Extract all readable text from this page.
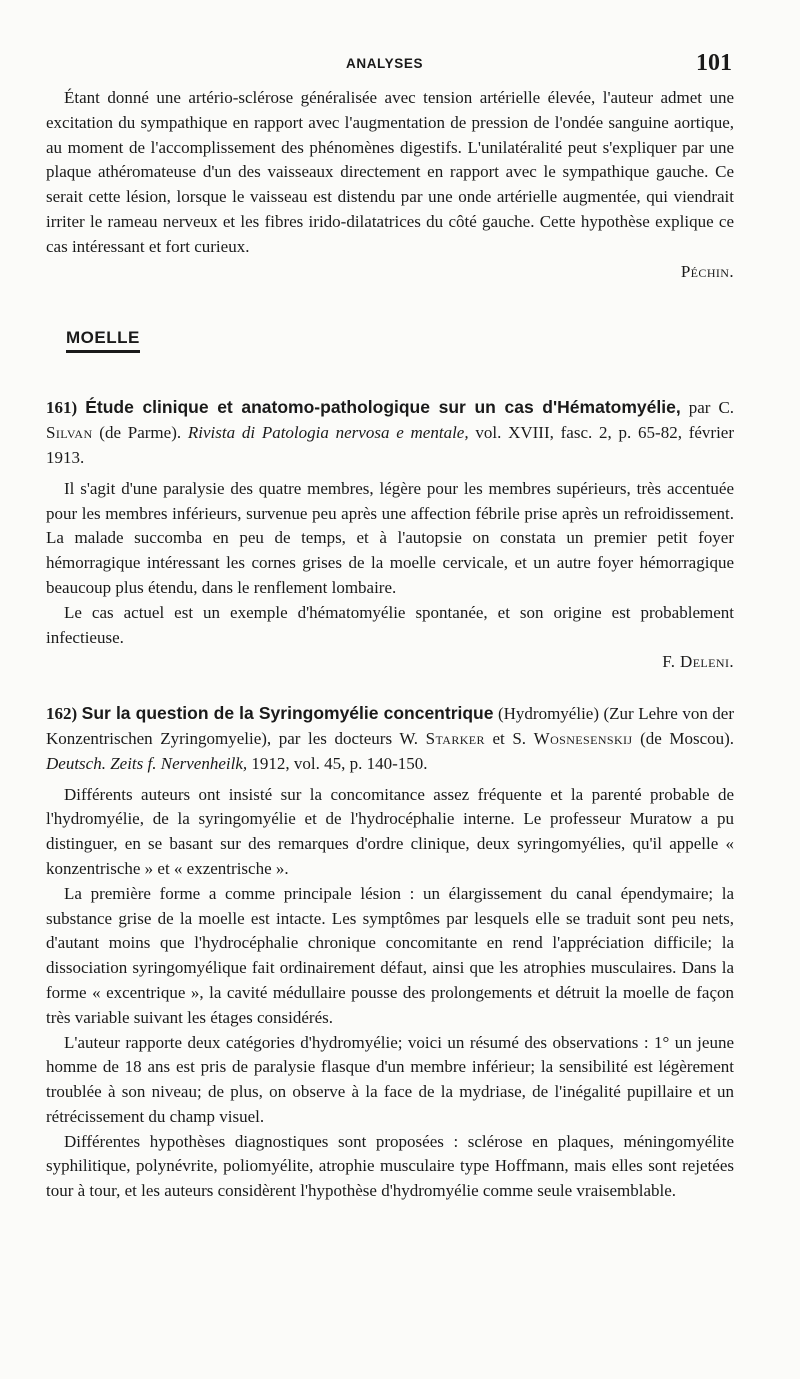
ANALYSES	101

Étant donné une artério-sclérose généralisée avec tension artérielle élevée, l'auteur admet une excitation du sympathique en rapport avec l'augmentation de pression de l'ondée sanguine aortique, au moment de l'accomplissement des phénomènes digestifs. L'unilatéralité peut s'expliquer par une plaque athéromateuse d'un des vaisseaux directement en rapport avec le sympathique gauche. Ce serait cette lésion, lorsque le vaisseau est distendu par une onde artérielle augmentée, qui viendrait irriter le rameau nerveux et les fibres irido-dilatatrices du côté gauche. Cette hypothèse explique ce cas intéressant et fort curieux.

Péchin.

MOELLE
161) Étude clinique et anatomo-pathologique sur un cas d'Hématomyélie, par C. Silvan (de Parme). Rivista di Patologia nervosa e mentale, vol. XVIII, fasc. 2, p. 65-82, février 1913.

Il s'agit d'une paralysie des quatre membres, légère pour les membres supérieurs, très accentuée pour les membres inférieurs, survenue peu après une affection fébrile prise après un refroidissement. La malade succomba en peu de temps, et à l'autopsie on constata un premier petit foyer hémorragique intéressant les cornes grises de la moelle cervicale, et un autre foyer hémorragique beaucoup plus étendu, dans le renflement lombaire.

Le cas actuel est un exemple d'hématomyélie spontanée, et son origine est probablement infectieuse.

F. Deleni.

162) Sur la question de la Syringomyélie concentrique (Hydromyélie) (Zur Lehre von der Konzentrischen Zyringomyelie), par les docteurs W. Starker et S. Wosnesenskij (de Moscou). Deutsch. Zeits f. Nervenheilk, 1912, vol. 45, p. 140-150.

Différents auteurs ont insisté sur la concomitance assez fréquente et la parenté probable de l'hydromyélie, de la syringomyélie et de l'hydrocéphalie interne. Le professeur Muratow a pu distinguer, en se basant sur des remarques d'ordre clinique, deux syringomyélies, qu'il appelle « konzentrische » et « exzentrische ».

La première forme a comme principale lésion : un élargissement du canal épendymaire; la substance grise de la moelle est intacte. Les symptômes par lesquels elle se traduit sont peu nets, d'autant moins que l'hydrocéphalie chronique concomitante en rend l'appréciation difficile; la dissociation syringomyélique fait ordinairement défaut, ainsi que les atrophies musculaires. Dans la forme « excentrique », la cavité médullaire pousse des prolongements et détruit la moelle de façon très variable suivant les étages considérés.

L'auteur rapporte deux catégories d'hydromyélie; voici un résumé des observations : 1° un jeune homme de 18 ans est pris de paralysie flasque d'un membre inférieur; la sensibilité est légèrement troublée à son niveau; de plus, on observe à la face de la mydriase, de l'inégalité pupillaire et un rétrécissement du champ visuel.

Différentes hypothèses diagnostiques sont proposées : sclérose en plaques, méningomyélite syphilitique, polynévrite, poliomyélite, atrophie musculaire type Hoffmann, mais elles sont rejetées tour à tour, et les auteurs considèrent l'hypothèse d'hydromyélie comme seule vraisemblable.
